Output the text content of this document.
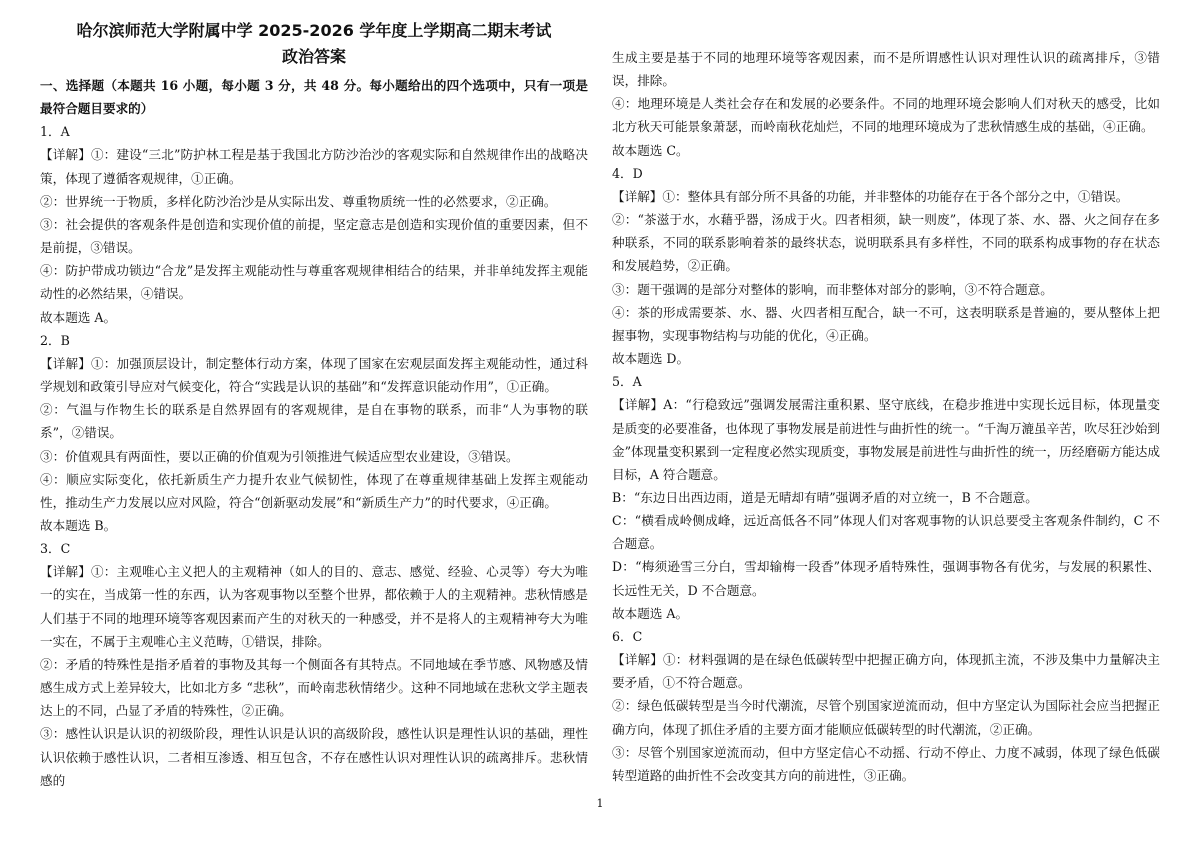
哈尔滨师范大学附属中学 2025-2026 学年度上学期高二期末考试
政治答案

一、选择题（本题共 16 小题，每小题 3 分，共 48 分。每小题给出的四个选项中，只有一项是最符合题目要求的）

1．A

【详解】①：建设“三北”防护林工程是基于我国北方防沙治沙的客观实际和自然规律作出的战略决策，体现了遵循客观规律，①正确。

②：世界统一于物质，多样化防沙治沙是从实际出发、尊重物质统一性的必然要求，②正确。

③：社会提供的客观条件是创造和实现价值的前提，坚定意志是创造和实现价值的重要因素，但不是前提，③错误。

④：防护带成功锁边“合龙”是发挥主观能动性与尊重客观规律相结合的结果，并非单纯发挥主观能动性的必然结果，④错误。

故本题选 A。

2．B

【详解】①：加强顶层设计，制定整体行动方案，体现了国家在宏观层面发挥主观能动性，通过科学规划和政策引导应对气候变化，符合“实践是认识的基础”和“发挥意识能动作用”，①正确。

②：气温与作物生长的联系是自然界固有的客观规律，是自在事物的联系，而非“人为事物的联系”，②错误。

③：价值观具有两面性，要以正确的价值观为引领推进气候适应型农业建设，③错误。

④：顺应实际变化，依托新质生产力提升农业气候韧性，体现了在尊重规律基础上发挥主观能动性，推动生产力发展以应对风险，符合“创新驱动发展”和“新质生产力”的时代要求，④正确。

故本题选 B。

3．C

【详解】①：主观唯心主义把人的主观精神（如人的目的、意志、感觉、经验、心灵等）夸大为唯一的实在，当成第一性的东西，认为客观事物以至整个世界，都依赖于人的主观精神。悲秋情感是人们基于不同的地理环境等客观因素而产生的对秋天的一种感受，并不是将人的主观精神夸大为唯一实在，不属于主观唯心主义范畴，①错误，排除。

②：矛盾的特殊性是指矛盾着的事物及其每一个侧面各有其特点。不同地域在季节感、风物感及情感生成方式上差异较大，比如北方多 “悲秋”，而岭南悲秋情绪少。这种不同地域在悲秋文学主题表达上的不同，凸显了矛盾的特殊性，②正确。

③：感性认识是认识的初级阶段，理性认识是认识的高级阶段，感性认识是理性认识的基础，理性认识依赖于感性认识，二者相互渗透、相互包含，不存在感性认识对理性认识的疏离排斥。悲秋情感的

生成主要是基于不同的地理环境等客观因素，而不是所谓感性认识对理性认识的疏离排斥，③错误，排除。

④：地理环境是人类社会存在和发展的必要条件。不同的地理环境会影响人们对秋天的感受，比如北方秋天可能景象萧瑟，而岭南秋花灿烂，不同的地理环境成为了悲秋情感生成的基础，④正确。

故本题选 C。

4．D

【详解】①：整体具有部分所不具备的功能，并非整体的功能存在于各个部分之中，①错误。

②：“茶滋于水，水藉乎器，汤成于火。四者相须，缺一则废”，体现了茶、水、器、火之间存在多种联系，不同的联系影响着茶的最终状态，说明联系具有多样性，不同的联系构成事物的存在状态和发展趋势，②正确。

③：题干强调的是部分对整体的影响，而非整体对部分的影响，③不符合题意。

④：茶的形成需要茶、水、器、火四者相互配合，缺一不可，这表明联系是普遍的，要从整体上把握事物，实现事物结构与功能的优化，④正确。

故本题选 D。

5．A

【详解】A：“行稳致远”强调发展需注重积累、坚守底线，在稳步推进中实现长远目标，体现量变是质变的必要准备，也体现了事物发展是前进性与曲折性的统一。“千淘万漉虽辛苦，吹尽狂沙始到金”体现量变积累到一定程度必然实现质变，事物发展是前进性与曲折性的统一，历经磨砺方能达成目标，A 符合题意。

B：“东边日出西边雨，道是无晴却有晴”强调矛盾的对立统一，B 不合题意。

C：“横看成岭侧成峰，远近高低各不同”体现人们对客观事物的认识总要受主客观条件制约，C 不合题意。

D：“梅须逊雪三分白，雪却输梅一段香”体现矛盾特殊性，强调事物各有优劣，与发展的积累性、长远性无关，D 不合题意。

故本题选 A。

6．C

【详解】①：材料强调的是在绿色低碳转型中把握正确方向，体现抓主流，不涉及集中力量解决主要矛盾，①不符合题意。

②：绿色低碳转型是当今时代潮流，尽管个别国家逆流而动，但中方坚定认为国际社会应当把握正确方向，体现了抓住矛盾的主要方面才能顺应低碳转型的时代潮流，②正确。

③：尽管个别国家逆流而动，但中方坚定信心不动摇、行动不停止、力度不减弱，体现了绿色低碳转型道路的曲折性不会改变其方向的前进性，③正确。

1
